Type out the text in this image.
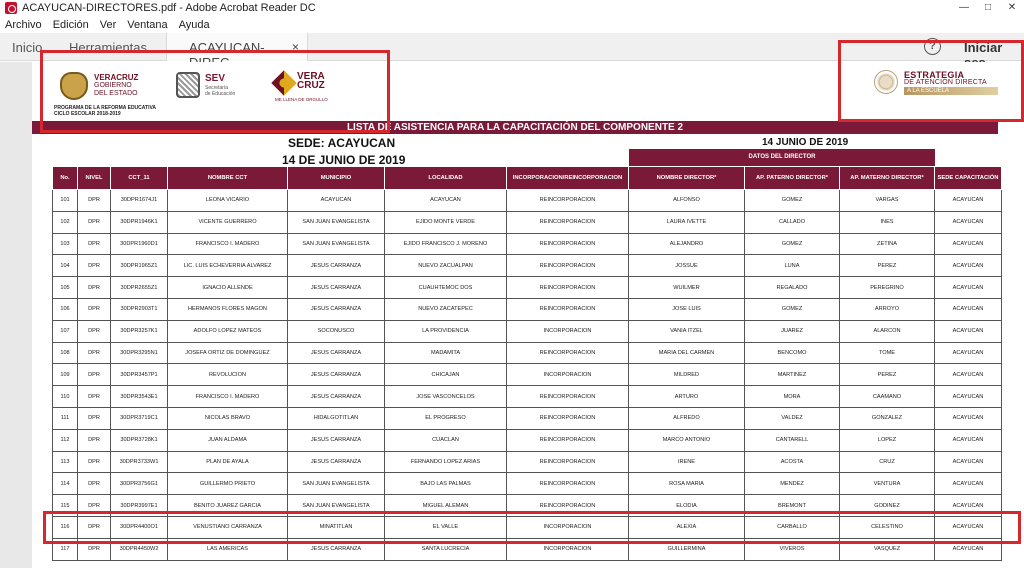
ACAYUCAN-DIRECTORES.pdf - Adobe Acrobat Reader DC	—	□	✕
Archivo Edición Ver Ventana Ayuda
Inicio Herramientas	ACAYUCAN-	×	?	Iniciar
VERACRUZ
GOBIERNO
DEL ESTADO
SEV
Secretaría
de Educación
VERA
CRUZ
ME LLENA DE ORGULLO
PROGRAMA DE LA REFORMA EDUCATIVA
CICLO ESCOLAR 2018-2019
ESTRATEGIA
DE ATENCIÓN DIRECTA
A LA ESCUELA
LISTA DE ASISTENCIA PARA LA CAPACITACIÓN DEL COMPONENTE 2
SEDE: ACAYUCAN	14 JUNIO DE 2019
14 DE JUNIO DE 2019	DATOS DEL DIRECTOR
No.	NIVEL	CCT_11	NOMBRE CCT	MUNICIPIO	LOCALIDAD	INCORPORACION/REINCORPORACION	NOMBRE DIRECTOR*	AP. PATERNO DIRECTOR*	AP. MATERNO DIRECTOR*	SEDE CAPACITACIÓN
101	DPR	30DPR1674J1	LEONA VICARIO	ACAYUCAN	ACAYUCAN	REINCORPORACION	ALFONSO	GOMEZ	VARGAS	ACAYUCAN
102	DPR	30DPR1946K1	VICENTE GUERRERO	SAN JUAN EVANGELISTA	EJIDO MONTE VERDE	REINCORPORACION	LAURA IVETTE	CALLADO	INES	ACAYUCAN
103	DPR	30DPR1960D1	FRANCISCO I. MADERO	SAN JUAN EVANGELISTA	EJIDO FRANCISCO J. MORENO	REINCORPORACION	ALEJANDRO	GOMEZ	ZETINA	ACAYUCAN
104	DPR	30DPR1965Z1	LIC. LUIS ECHEVERRIA ALVAREZ	JESUS CARRANZA	NUEVO ZACUALPAN	REINCORPORACION	JOSSUE	LUNA	PEREZ	ACAYUCAN
105	DPR	30DPR2655Z1	IGNACIO ALLENDE	JESUS CARRANZA	CUAUHTEMOC DOS	REINCORPORACION	WUILMER	REGALADO	PEREGRINO	ACAYUCAN
106	DPR	30DPR2903T1	HERMANOS FLORES MAGON	JESUS CARRANZA	NUEVO ZACATEPEC	REINCORPORACION	JOSE LUIS	GOMEZ	ARROYO	ACAYUCAN
107	DPR	30DPR3257K1	ADOLFO LOPEZ MATEOS	SOCONUSCO	LA PROVIDENCIA	INCORPORACION	VANIA ITZEL	JUAREZ	ALARCON	ACAYUCAN
108	DPR	30DPR3295N1	JOSEFA ORTIZ DE DOMINGUEZ	JESUS CARRANZA	MADAMITA	REINCORPORACION	MARIA DEL CARMEN	BENCOMO	TOME	ACAYUCAN
109	DPR	30DPR3457P1	REVOLUCION	JESUS CARRANZA	CHICAJAN	INCORPORACION	MILDRED	MARTINEZ	PEREZ	ACAYUCAN
110	DPR	30DPR3543E1	FRANCISCO I. MADERO	JESUS CARRANZA	JOSE VASCONCELOS	REINCORPORACION	ARTURO	MORA	CAAMANO	ACAYUCAN
111	DPR	30DPR3719C1	NICOLAS BRAVO	HIDALGOTITLAN	EL PROGRESO	REINCORPORACION	ALFREDO	VALDEZ	GONZALEZ	ACAYUCAN
112	DPR	30DPR3728K1	JUAN ALDAMA	JESUS CARRANZA	CUACLAN	REINCORPORACION	MARCO ANTONIO	CANTARELL	LOPEZ	ACAYUCAN
113	DPR	30DPR3733W1	PLAN DE AYALA	JESUS CARRANZA	FERNANDO LOPEZ ARIAS	REINCORPORACION	IRENE	ACOSTA	CRUZ	ACAYUCAN
114	DPR	30DPR3756G1	GUILLERMO PRIETO	SAN JUAN EVANGELISTA	BAJO LAS PALMAS	REINCORPORACION	ROSA MARIA	MENDEZ	VENTURA	ACAYUCAN
115	DPR	30DPR3997E1	BENITO JUAREZ GARCIA	SAN JUAN EVANGELISTA	MIGUEL ALEMAN	REINCORPORACION	ELODIA	BREMONT	GODINEZ	ACAYUCAN
116	DPR	30DPR4400O1	VENUSTIANO CARRANZA	MINATITLAN	EL VALLE	INCORPORACION	ALEXIA	CARBALLO	CELESTINO	ACAYUCAN
117	DPR	30DPR4450W2	LAS AMERICAS	JESUS CARRANZA	SANTA LUCRECIA	INCORPORACION	GUILLERMINA	VIVEROS	VASQUEZ	ACAYUCAN
